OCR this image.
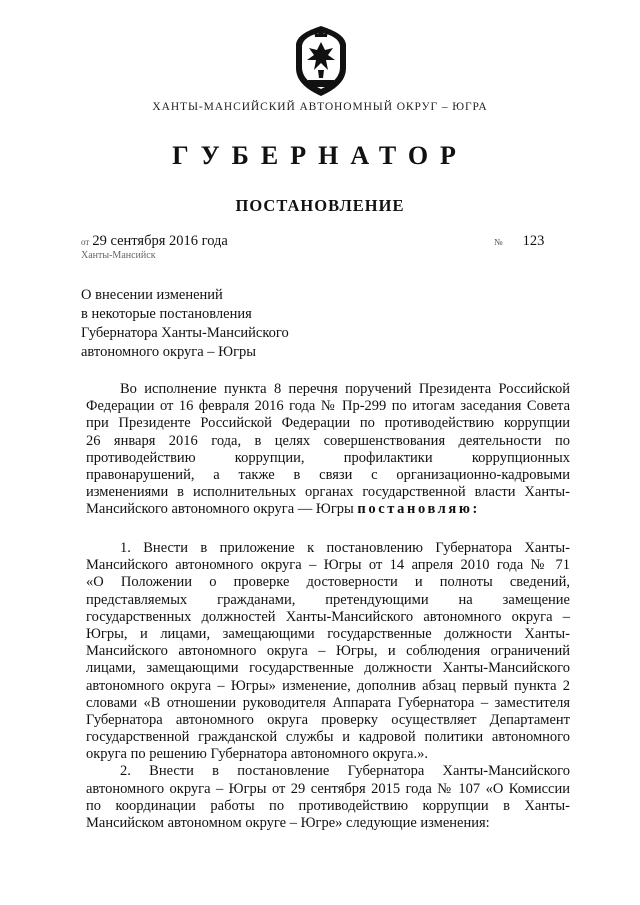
ХАНТЫ-МАНСИЙСКИЙ АВТОНОМНЫЙ ОКРУГ – ЮГРА
ГУБЕРНАТОР
ПОСТАНОВЛЕНИЕ
от 29 сентября 2016 года	№ 123
Ханты-Мансийск
О внесении изменений
в некоторые постановления
Губернатора Ханты-Мансийского
автономного округа – Югры
Во исполнение пункта 8 перечня поручений Президента Российской
Федерации от 16 февраля 2016 года № Пр-299 по итогам заседания Совета
при Президенте Российской Федерации по противодействию коррупции
26 января 2016 года, в целях совершенствования деятельности по
противодействию коррупции, профилактики коррупционных
правонарушений, а также в связи с организационно-кадровыми
изменениями в исполнительных органах государственной власти Ханты-
Мансийского автономного округа — Югры постановляю:
1. Внести в приложение к постановлению Губернатора Ханты-
Мансийского автономного округа – Югры от 14 апреля 2010 года № 71
«О Положении о проверке достоверности и полноты сведений,
представляемых гражданами, претендующими на замещение
государственных должностей Ханты-Мансийского автономного округа –
Югры, и лицами, замещающими государственные должности Ханты-
Мансийского автономного округа – Югры, и соблюдения ограничений
лицами, замещающими государственные должности Ханты-Мансийского
автономного округа – Югры» изменение, дополнив абзац первый пункта 2
словами «В отношении руководителя Аппарата Губернатора – заместителя
Губернатора автономного округа проверку осуществляет Департамент
государственной гражданской службы и кадровой политики автономного
округа по решению Губернатора автономного округа.».
2. Внести в постановление Губернатора Ханты-Мансийского
автономного округа – Югры от 29 сентября 2015 года № 107 «О Комиссии
по координации работы по противодействию коррупции в Ханты-
Мансийском автономном округе – Югре» следующие изменения:
